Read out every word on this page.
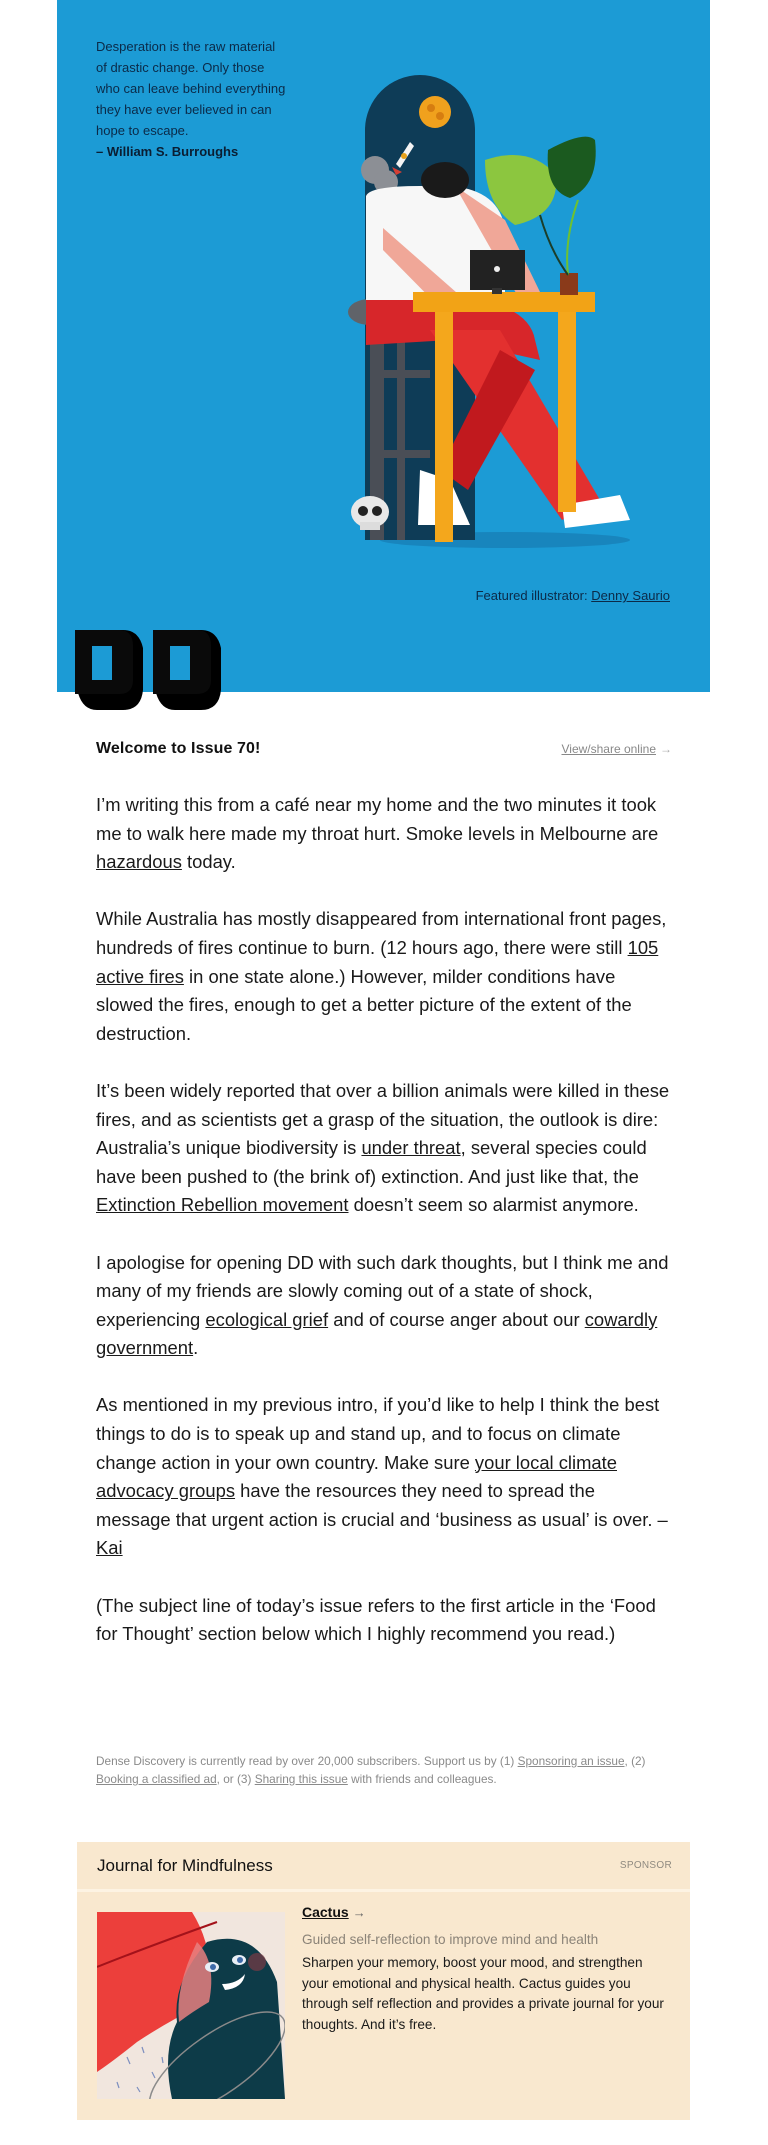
Desperation is the raw material of drastic change. Only those who can leave behind everything they have ever believed in can hope to escape.
– William S. Burroughs
Featured illustrator: Denny Saurio
Welcome to Issue 70!	View/share online →

I’m writing this from a café near my home and the two minutes it took me to walk here made my throat hurt. Smoke levels in Melbourne are hazardous today.

While Australia has mostly disappeared from international front pages, hundreds of fires continue to burn. (12 hours ago, there were still 105 active fires in one state alone.) However, milder conditions have slowed the fires, enough to get a better picture of the extent of the destruction.

It’s been widely reported that over a billion animals were killed in these fires, and as scientists get a grasp of the situation, the outlook is dire: Australia’s unique biodiversity is under threat, several species could have been pushed to (the brink of) extinction. And just like that, the Extinction Rebellion movement doesn’t seem so alarmist anymore.

I apologise for opening DD with such dark thoughts, but I think me and many of my friends are slowly coming out of a state of shock, experiencing ecological grief and of course anger about our cowardly government.

As mentioned in my previous intro, if you’d like to help I think the best things to do is to speak up and stand up, and to focus on climate change action in your own country. Make sure your local climate advocacy groups have the resources they need to spread the message that urgent action is crucial and ‘business as usual’ is over. – Kai

(The subject line of today’s issue refers to the first article in the ‘Food for Thought’ section below which I highly recommend you read.)

Dense Discovery is currently read by over 20,000 subscribers. Support us by (1) Sponsoring an issue, (2) Booking a classified ad, or (3) Sharing this issue with friends and colleagues.
Journal for Mindfulness	SPONSOR
Cactus →
Guided self-reflection to improve mind and health
Sharpen your memory, boost your mood, and strengthen your emotional and physical health. Cactus guides you through self reflection and provides a private journal for your thoughts. And it’s free.
